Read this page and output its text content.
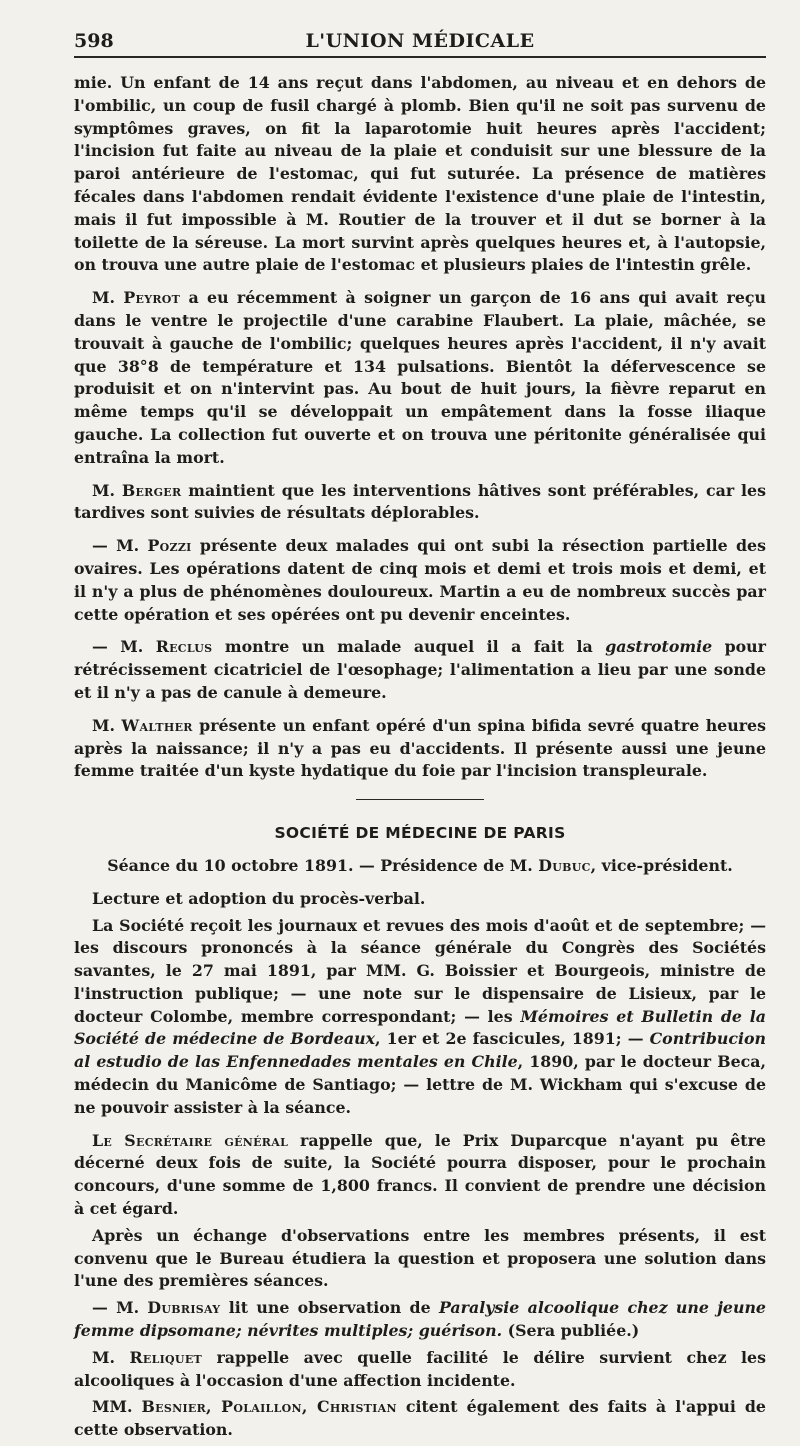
598	L'UNION MÉDICALE

mie. Un enfant de 14 ans reçut dans l'abdomen, au niveau et en dehors de l'ombilic, un coup de fusil chargé à plomb. Bien qu'il ne soit pas survenu de symptômes graves, on fit la laparotomie huit heures après l'accident; l'incision fut faite au niveau de la plaie et conduisit sur une blessure de la paroi antérieure de l'estomac, qui fut suturée. La présence de matières fécales dans l'abdomen rendait évidente l'existence d'une plaie de l'intestin, mais il fut impossible à M. Routier de la trouver et il dut se borner à la toilette de la séreuse. La mort survint après quelques heures et, à l'autopsie, on trouva une autre plaie de l'estomac et plusieurs plaies de l'intestin grêle.

M. Peyrot a eu récemment à soigner un garçon de 16 ans qui avait reçu dans le ventre le projectile d'une carabine Flaubert. La plaie, mâchée, se trouvait à gauche de l'ombilic; quelques heures après l'accident, il n'y avait que 38°8 de température et 134 pulsations. Bientôt la défervescence se produisit et on n'intervint pas. Au bout de huit jours, la fièvre reparut en même temps qu'il se développait un empâtement dans la fosse iliaque gauche. La collection fut ouverte et on trouva une péritonite généralisée qui entraîna la mort.

M. Berger maintient que les interventions hâtives sont préférables, car les tardives sont suivies de résultats déplorables.

— M. Pozzi présente deux malades qui ont subi la résection partielle des ovaires. Les opérations datent de cinq mois et demi et trois mois et demi, et il n'y a plus de phénomènes douloureux. Martin a eu de nombreux succès par cette opération et ses opérées ont pu devenir enceintes.

— M. Reclus montre un malade auquel il a fait la gastrotomie pour rétrécissement cicatriciel de l'œsophage; l'alimentation a lieu par une sonde et il n'y a pas de canule à demeure.

M. Walther présente un enfant opéré d'un spina bifida sevré quatre heures après la naissance; il n'y a pas eu d'accidents. Il présente aussi une jeune femme traitée d'un kyste hydatique du foie par l'incision transpleurale.

SOCIÉTÉ DE MÉDECINE DE PARIS

Séance du 10 octobre 1891. — Présidence de M. Dubuc, vice-président.

Lecture et adoption du procès-verbal.

La Société reçoit les journaux et revues des mois d'août et de septembre; — les discours prononcés à la séance générale du Congrès des Sociétés savantes, le 27 mai 1891, par MM. G. Boissier et Bourgeois, ministre de l'instruction publique; — une note sur le dispensaire de Lisieux, par le docteur Colombe, membre correspondant; — les Mémoires et Bulletin de la Société de médecine de Bordeaux, 1er et 2e fascicules, 1891; — Contribucion al estudio de las Enfennedades mentales en Chile, 1890, par le docteur Beca, médecin du Manicôme de Santiago; — lettre de M. Wickham qui s'excuse de ne pouvoir assister à la séance.

Le Secrétaire général rappelle que, le Prix Duparcque n'ayant pu être décerné deux fois de suite, la Société pourra disposer, pour le prochain concours, d'une somme de 1,800 francs. Il convient de prendre une décision à cet égard.

Après un échange d'observations entre les membres présents, il est convenu que le Bureau étudiera la question et proposera une solution dans l'une des premières séances.

— M. Dubrisay lit une observation de Paralysie alcoolique chez une jeune femme dipsomane; névrites multiples; guérison. (Sera publiée.)

M. Reliquet rappelle avec quelle facilité le délire survient chez les alcooliques à l'occasion d'une affection incidente.

MM. Besnier, Polaillon, Christian citent également des faits à l'appui de cette observation.
